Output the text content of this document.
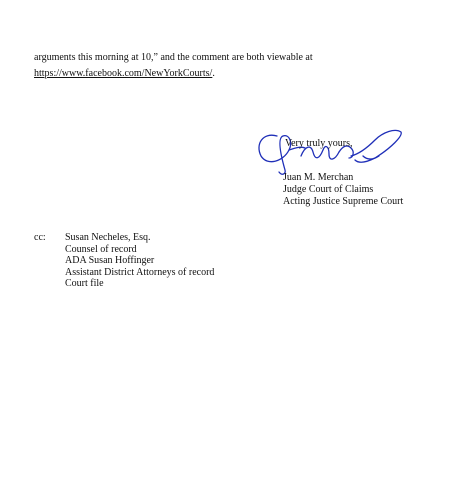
arguments this morning at 10,” and the comment are both viewable at
https://www.facebook.com/NewYorkCourts/.
Very truly yours,
Juan M. Merchan
Judge Court of Claims
Acting Justice Supreme Court
cc: Susan Necheles, Esq.
Counsel of record
ADA Susan Hoffinger
Assistant District Attorneys of record
Court file
